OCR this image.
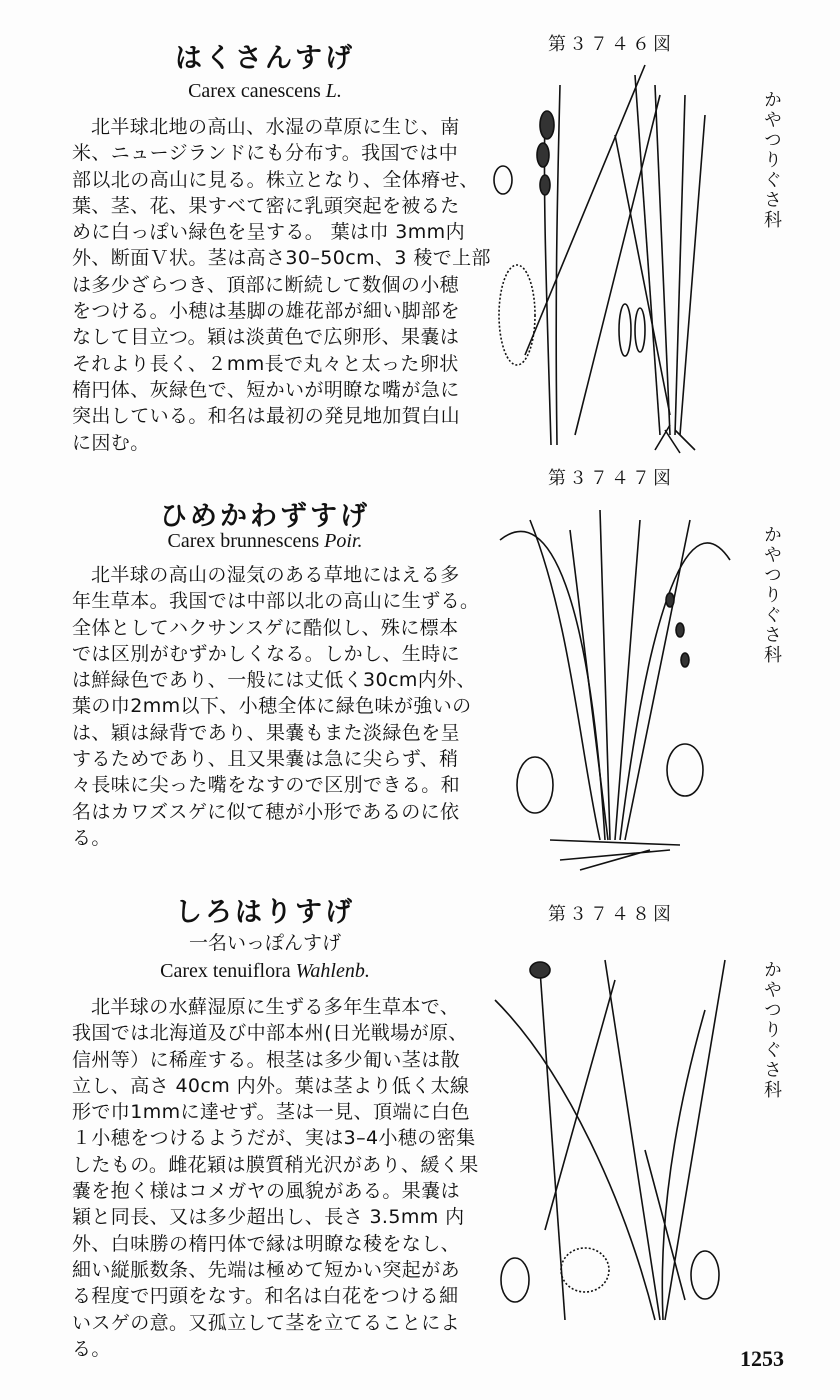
はくさんすげ
Carex canescens L.
北半球北地の高山、水湿の草原に生じ、南
米、ニュージランドにも分布す。我国では中
部以北の高山に見る。株立となり、全体瘠せ、
葉、茎、花、果すべて密に乳頭突起を被るた
めに白っぽい緑色を呈する。 葉は巾 3mm内
外、断面Ｖ状。茎は高さ30–50cm、3 稜で上部
は多少ざらつき、頂部に断続して数個の小穂
をつける。小穂は基脚の雄花部が細い脚部を
なして目立つ。穎は淡黄色で広卵形、果嚢は
それより長く、２mm長で丸々と太った卵状
楕円体、灰緑色で、短かいが明瞭な嘴が急に
突出している。和名は最初の発見地加賀白山
に因む。
第３７４６図
かやつりぐさ科
ひめかわずすげ
Carex brunnescens Poir.
北半球の高山の湿気のある草地にはえる多
年生草本。我国では中部以北の高山に生ずる。
全体としてハクサンスゲに酷似し、殊に標本
では区別がむずかしくなる。しかし、生時に
は鮮緑色であり、一般には丈低く30cm内外、
葉の巾2mm以下、小穂全体に緑色味が強いの
は、穎は緑背であり、果嚢もまた淡緑色を呈
するためであり、且又果嚢は急に尖らず、稍
々長味に尖った嘴をなすので区別できる。和
名はカワズスゲに似て穂が小形であるのに依
る。
第３７４７図
かやつりぐさ科
しろはりすげ
一名いっぽんすげ
Carex tenuiflora Wahlenb.
北半球の水蘚湿原に生ずる多年生草本で、
我国では北海道及び中部本州(日光戦場が原、
信州等）に稀産する。根茎は多少匍い茎は散
立し、高さ 40cm 内外。葉は茎より低く太線
形で巾1mmに達せず。茎は一見、頂端に白色
１小穂をつけるようだが、実は3–4小穂の密集
したもの。雌花穎は膜質稍光沢があり、緩く果
嚢を抱く様はコメガヤの風貌がある。果嚢は
穎と同長、又は多少超出し、長さ 3.5mm 内
外、白味勝の楕円体で縁は明瞭な稜をなし、
細い縦脈数条、先端は極めて短かい突起があ
る程度で円頭をなす。和名は白花をつける細
いスゲの意。又孤立して茎を立てることによ
る。
第３７４８図
かやつりぐさ科
1253
